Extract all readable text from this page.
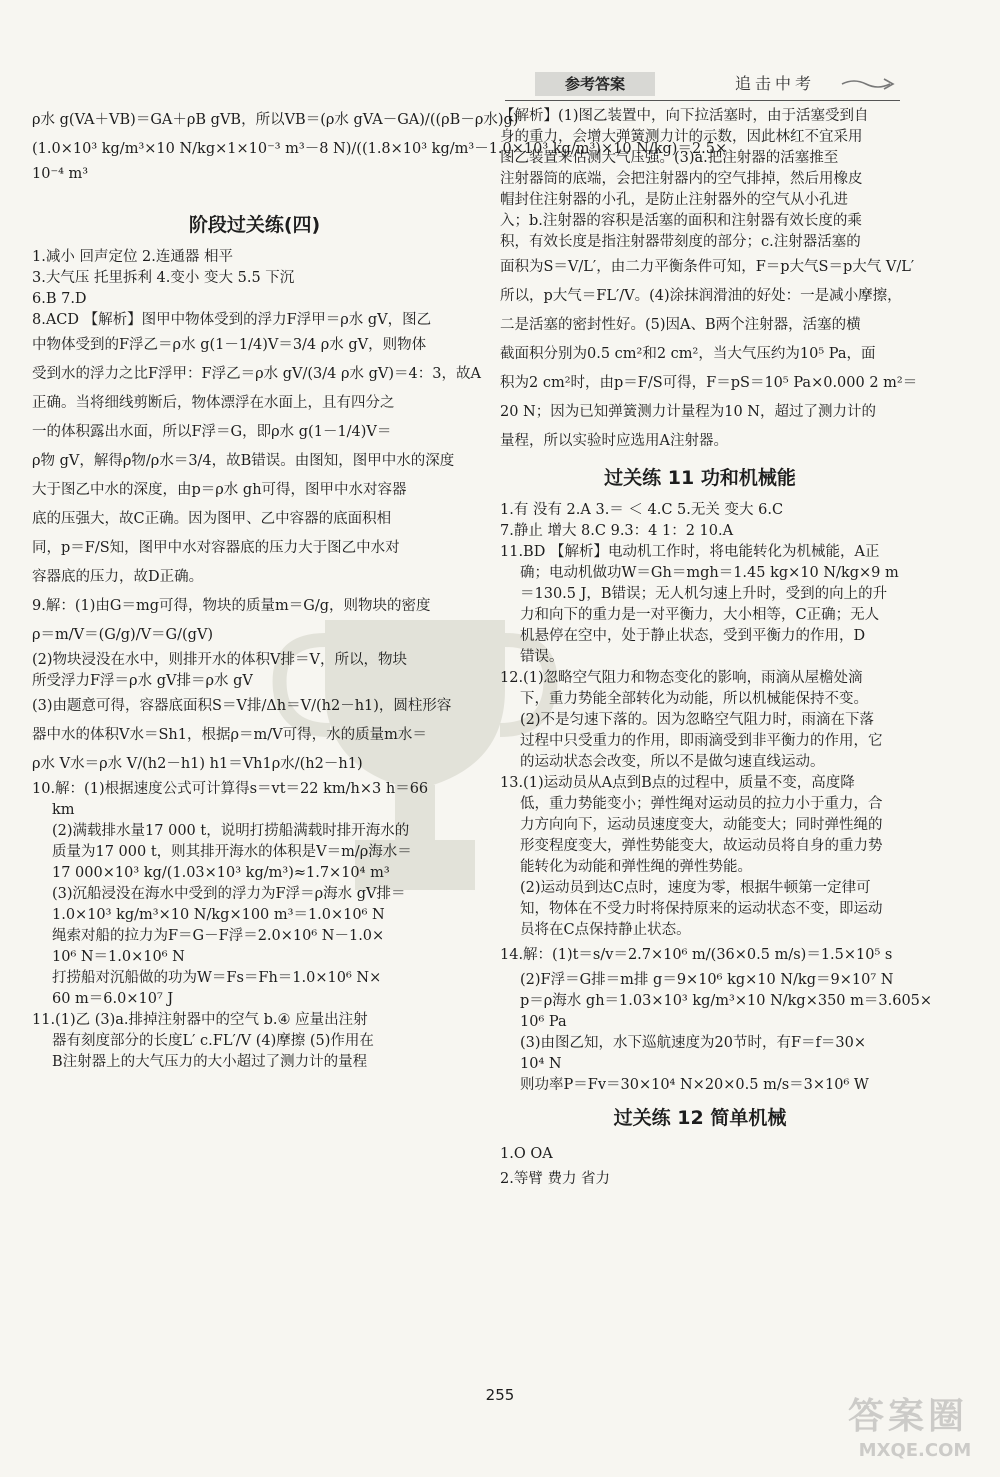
参考答案	追击中考
ρ水 g(VA＋VB)＝GA＋ρB gVB，所以VB＝(ρ水 gVA－GA)/((ρB－ρ水)g)
(1.0×10³ kg/m³×10 N/kg×1×10⁻³ m³－8 N)/((1.8×10³ kg/m³－1.0×10³ kg/m³)×10 N/kg)＝2.5×
10⁻⁴ m³
阶段过关练(四)
1.减小 回声定位 2.连通器 相平
3.大气压 托里拆利 4.变小 变大 5.5 下沉
6.B 7.D
8.ACD 【解析】图甲中物体受到的浮力F浮甲＝ρ水 gV，图乙
中物体受到的F浮乙＝ρ水 g(1－1/4)V＝3/4 ρ水 gV，则物体
受到水的浮力之比F浮甲：F浮乙＝ρ水 gV/(3/4 ρ水 gV)＝4：3，故A
正确。当将细线剪断后，物体漂浮在水面上，且有四分之
一的体积露出水面，所以F浮＝G，即ρ水 g(1－1/4)V＝
ρ物 gV，解得ρ物/ρ水＝3/4，故B错误。由图知，图甲中水的深度
大于图乙中水的深度，由p＝ρ水 gh可得，图甲中水对容器
底的压强大，故C正确。因为图甲、乙中容器的底面积相
同，p＝F/S知，图甲中水对容器底的压力大于图乙中水对
容器底的压力，故D正确。
9.解：(1)由G＝mg可得，物块的质量m＝G/g，则物块的密度
ρ＝m/V＝(G/g)/V＝G/(gV)
(2)物块浸没在水中，则排开水的体积V排＝V，所以，物块
所受浮力F浮＝ρ水 gV排＝ρ水 gV
(3)由题意可得，容器底面积S＝V排/Δh＝V/(h2－h1)，圆柱形容
器中水的体积V水＝Sh1，根据ρ＝m/V可得，水的质量m水＝
ρ水 V水＝ρ水 V/(h2－h1) h1＝Vh1ρ水/(h2－h1)
10.解：(1)根据速度公式可计算得s＝vt＝22 km/h×3 h＝66
km
(2)满载排水量17 000 t，说明打捞船满载时排开海水的
质量为17 000 t，则其排开海水的体积是V＝m/ρ海水＝
17 000×10³ kg/(1.03×10³ kg/m³)≈1.7×10⁴ m³
(3)沉船浸没在海水中受到的浮力为F浮＝ρ海水 gV排＝
1.0×10³ kg/m³×10 N/kg×100 m³＝1.0×10⁶ N
绳索对船的拉力为F＝G－F浮＝2.0×10⁶ N－1.0×
10⁶ N＝1.0×10⁶ N
打捞船对沉船做的功为W＝Fs＝Fh＝1.0×10⁶ N×
60 m＝6.0×10⁷ J
11.(1)乙 (3)a.排掉注射器中的空气 b.④ 应量出注射
器有刻度部分的长度L′ c.FL′/V (4)摩擦 (5)作用在
B注射器上的大气压力的大小超过了测力计的量程
【解析】(1)图乙装置中，向下拉活塞时，由于活塞受到自
身的重力，会增大弹簧测力计的示数，因此林红不宜采用
图乙装置来估测大气压强。(3)a.把注射器的活塞推至
注射器筒的底端，会把注射器内的空气排掉，然后用橡皮
帽封住注射器的小孔，是防止注射器外的空气从小孔进
入；b.注射器的容积是活塞的面积和注射器有效长度的乘
积，有效长度是指注射器带刻度的部分；c.注射器活塞的
面积为S＝V/L′，由二力平衡条件可知，F＝p大气S＝p大气 V/L′
所以，p大气＝FL′/V。(4)涂抹润滑油的好处：一是减小摩擦，
二是活塞的密封性好。(5)因A、B两个注射器，活塞的横
截面积分别为0.5 cm²和2 cm²，当大气压约为10⁵ Pa，面
积为2 cm²时，由p＝F/S可得，F＝pS＝10⁵ Pa×0.000 2 m²＝
20 N；因为已知弹簧测力计量程为10 N，超过了测力计的
量程，所以实验时应选用A注射器。
过关练 11 功和机械能
1.有 没有 2.A 3.＝ ＜ 4.C 5.无关 变大 6.C
7.静止 增大 8.C 9.3：4 1：2 10.A
11.BD 【解析】电动机工作时，将电能转化为机械能，A正
确；电动机做功W＝Gh＝mgh＝1.45 kg×10 N/kg×9 m
＝130.5 J，B错误；无人机匀速上升时，受到的向上的升
力和向下的重力是一对平衡力，大小相等，C正确；无人
机悬停在空中，处于静止状态，受到平衡力的作用，D
错误。
12.(1)忽略空气阻力和物态变化的影响，雨滴从屋檐处滴
下，重力势能全部转化为动能，所以机械能保持不变。
(2)不是匀速下落的。因为忽略空气阻力时，雨滴在下落
过程中只受重力的作用，即雨滴受到非平衡力的作用，它
的运动状态会改变，所以不是做匀速直线运动。
13.(1)运动员从A点到B点的过程中，质量不变，高度降
低，重力势能变小；弹性绳对运动员的拉力小于重力，合
力方向向下，运动员速度变大，动能变大；同时弹性绳的
形变程度变大，弹性势能变大，故运动员将自身的重力势
能转化为动能和弹性绳的弹性势能。
(2)运动员到达C点时，速度为零，根据牛顿第一定律可
知，物体在不受力时将保持原来的运动状态不变，即运动
员将在C点保持静止状态。
14.解：(1)t＝s/v＝2.7×10⁶ m/(36×0.5 m/s)＝1.5×10⁵ s
(2)F浮＝G排＝m排 g＝9×10⁶ kg×10 N/kg＝9×10⁷ N
p＝ρ海水 gh＝1.03×10³ kg/m³×10 N/kg×350 m＝3.605×
10⁶ Pa
(3)由图乙知，水下巡航速度为20节时，有F＝f＝30×
10⁴ N
则功率P＝Fv＝30×10⁴ N×20×0.5 m/s＝3×10⁶ W
过关练 12 简单机械
1.O OA
2.等臂 费力 省力
255
答案圈
MXQE.COM
